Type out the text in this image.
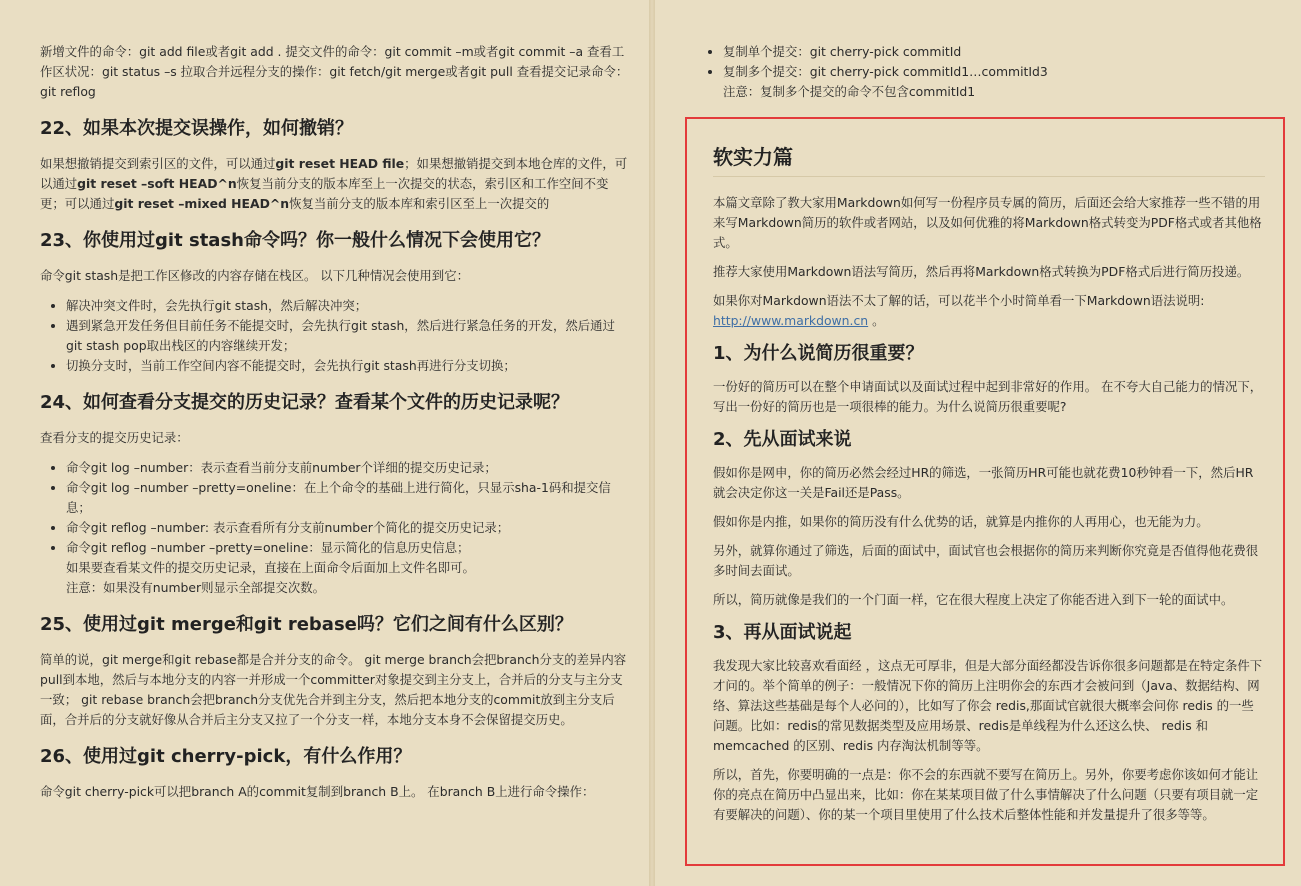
新增文件的命令：git add file或者git add . 提交文件的命令：git commit –m或者git commit –a 查看工作区状况：git status –s 拉取合并远程分支的操作：git fetch/git merge或者git pull 查看提交记录命令：git reflog

22、如果本次提交误操作，如何撤销？

如果想撤销提交到索引区的文件，可以通过git reset HEAD file；如果想撤销提交到本地仓库的文件，可以通过git reset –soft HEAD^n恢复当前分支的版本库至上一次提交的状态，索引区和工作空间不变更；可以通过git reset –mixed HEAD^n恢复当前分支的版本库和索引区至上一次提交的

23、你使用过git stash命令吗？你一般什么情况下会使用它？

命令git stash是把工作区修改的内容存储在栈区。 以下几种情况会使用到它：

• 解决冲突文件时，会先执行git stash，然后解决冲突；
• 遇到紧急开发任务但目前任务不能提交时，会先执行git stash，然后进行紧急任务的开发，然后通过git stash pop取出栈区的内容继续开发；
• 切换分支时，当前工作空间内容不能提交时，会先执行git stash再进行分支切换；
24、如何查看分支提交的历史记录？查看某个文件的历史记录呢？

查看分支的提交历史记录：

• 命令git log –number：表示查看当前分支前number个详细的提交历史记录；
• 命令git log –number –pretty=oneline：在上个命令的基础上进行简化，只显示sha-1码和提交信息；
• 命令git reflog –number: 表示查看所有分支前number个简化的提交历史记录；
• 命令git reflog –number –pretty=oneline：显示简化的信息历史信息；
如果要查看某文件的提交历史记录，直接在上面命令后面加上文件名即可。
注意：如果没有number则显示全部提交次数。
25、使用过git merge和git rebase吗？它们之间有什么区别？

简单的说，git merge和git rebase都是合并分支的命令。 git merge branch会把branch分支的差异内容pull到本地，然后与本地分支的内容一并形成一个committer对象提交到主分支上，合并后的分支与主分支一致； git rebase branch会把branch分支优先合并到主分支，然后把本地分支的commit放到主分支后面，合并后的分支就好像从合并后主分支又拉了一个分支一样，本地分支本身不会保留提交历史。

26、使用过git cherry-pick，有什么作用？

命令git cherry-pick可以把branch A的commit复制到branch B上。 在branch B上进行命令操作：

• 复制单个提交：git cherry-pick commitId
• 复制多个提交：git cherry-pick commitId1…commitId3
注意：复制多个提交的命令不包含commitId1
软实力篇

本篇文章除了教大家用Markdown如何写一份程序员专属的简历，后面还会给大家推荐一些不错的用来写Markdown简历的软件或者网站，以及如何优雅的将Markdown格式转变为PDF格式或者其他格式。

推荐大家使用Markdown语法写简历，然后再将Markdown格式转换为PDF格式后进行简历投递。

如果你对Markdown语法不太了解的话，可以花半个小时简单看一下Markdown语法说明:
http://www.markdown.cn 。

1、为什么说简历很重要？

一份好的简历可以在整个申请面试以及面试过程中起到非常好的作用。 在不夸大自己能力的情况下，写出一份好的简历也是一项很棒的能力。为什么说简历很重要呢?

2、先从面试来说

假如你是网申，你的简历必然会经过HR的筛选，一张简历HR可能也就花费10秒钟看一下，然后HR就会决定你这一关是Fail还是Pass。

假如你是内推，如果你的简历没有什么优势的话，就算是内推你的人再用心，也无能为力。

另外，就算你通过了筛选，后面的面试中，面试官也会根据你的简历来判断你究竟是否值得他花费很多时间去面试。

所以，简历就像是我们的一个门面一样，它在很大程度上决定了你能否进入到下一轮的面试中。

3、再从面试说起

我发现大家比较喜欢看面经 ，这点无可厚非，但是大部分面经都没告诉你很多问题都是在特定条件下才问的。举个简单的例子：一般情况下你的简历上注明你会的东西才会被问到（Java、数据结构、网络、算法这些基础是每个人必问的），比如写了你会 redis,那面试官就很大概率会问你 redis 的一些问题。比如：redis的常见数据类型及应用场景、redis是单线程为什么还这么快、 redis 和 memcached 的区别、redis 内存淘汰机制等等。

所以，首先，你要明确的一点是：你不会的东西就不要写在简历上。另外，你要考虑你该如何才能让你的亮点在简历中凸显出来，比如：你在某某项目做了什么事情解决了什么问题（只要有项目就一定有要解决的问题）、你的某一个项目里使用了什么技术后整体性能和并发量提升了很多等等。
